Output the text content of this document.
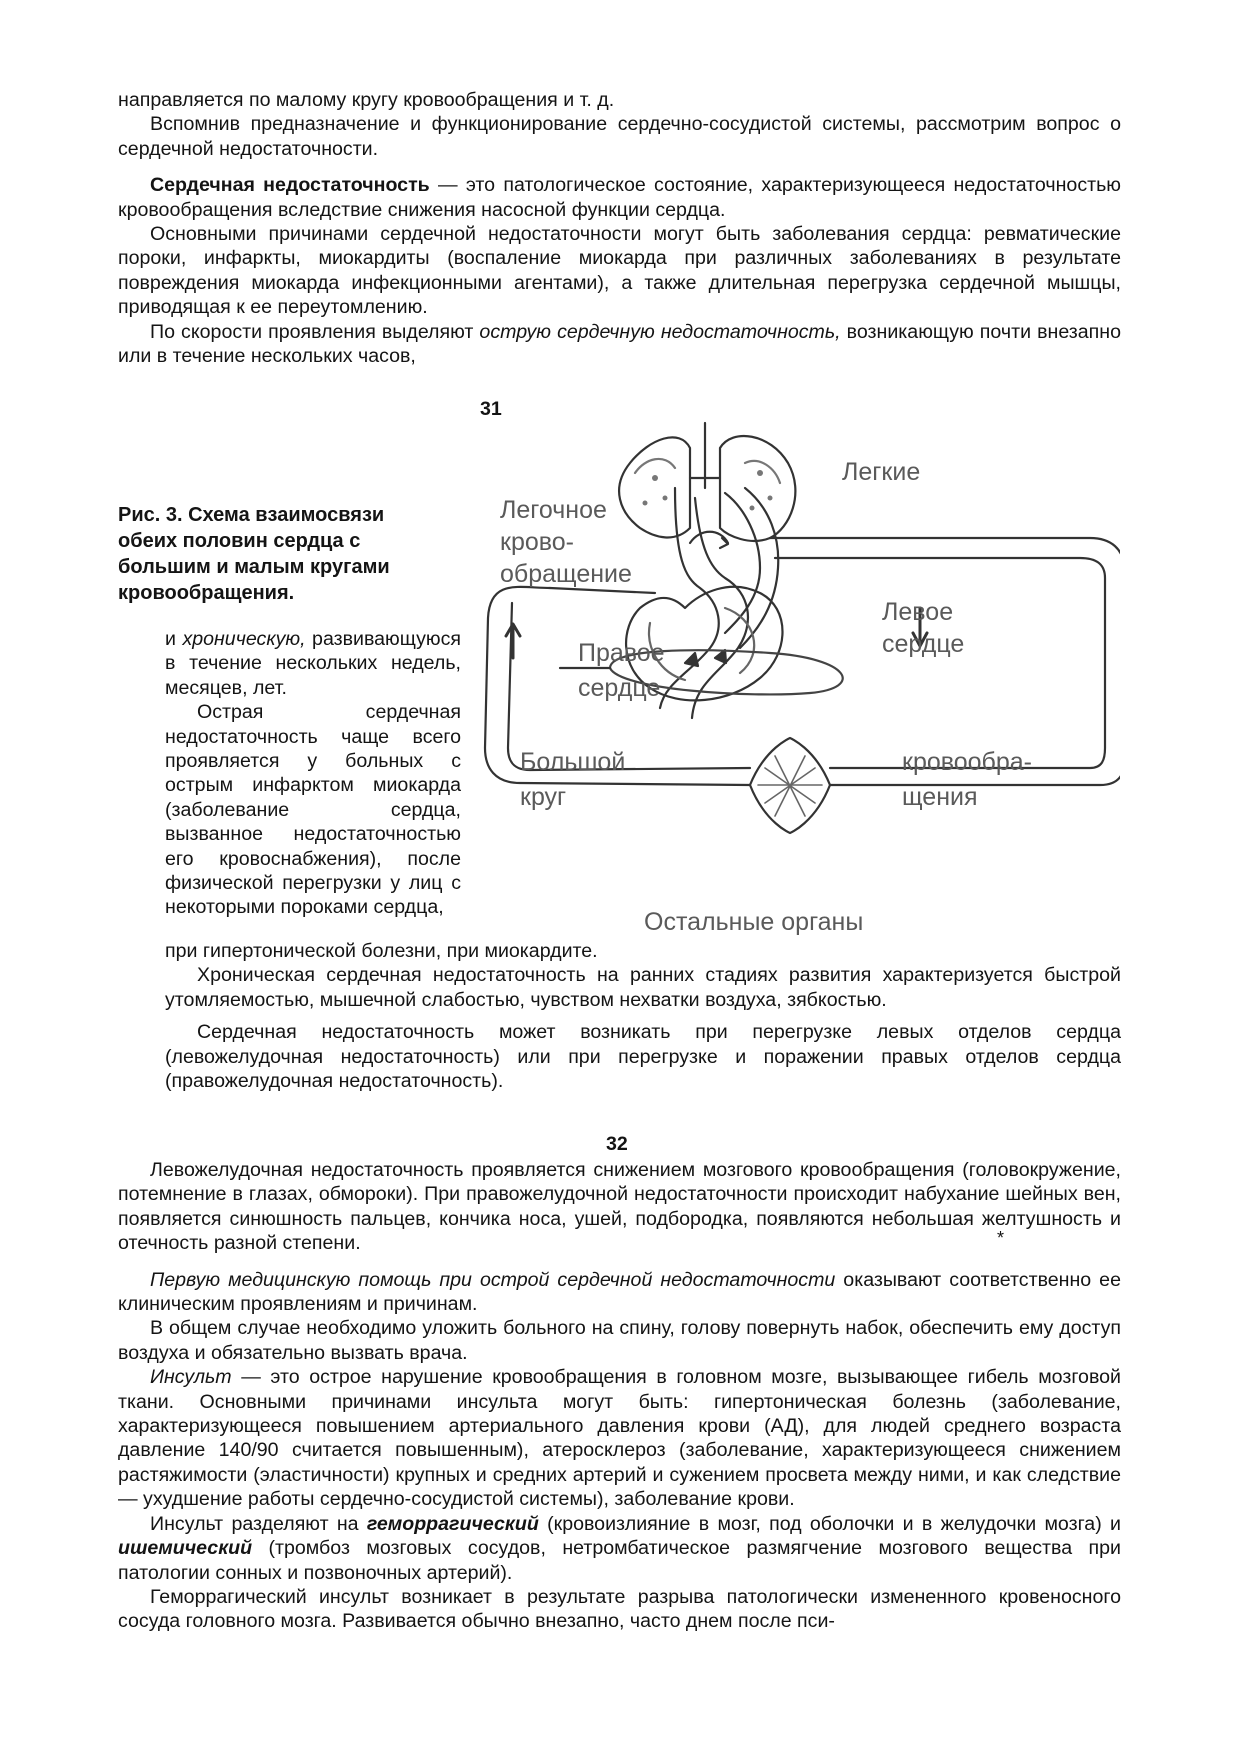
направляется по малому кругу кровообращения и т. д.

Вспомнив предназначение и функционирование сердечно-сосудистой системы, рассмотрим вопрос о сердечной недостаточности.

Сердечная недостаточность — это патологическое состояние, характеризующееся недостаточностью кровообращения вследствие снижения насосной функции сердца.

Основными причинами сердечной недостаточности могут быть заболевания сердца: ревматические пороки, инфаркты, миокардиты (воспаление миокарда при различных заболеваниях в результате повреждения миокарда инфекционными агентами), а также длительная перегрузка сердечной мышцы, приводящая к ее переутомлению.

По скорости проявления выделяют острую сердечную недостаточность, возникающую почти внезапно или в течение нескольких часов,

31
Рис. 3. Схема взаимосвязи обеих половин сердца с большим и малым кругами кровообращения.

и хроническую, развивающуюся в течение нескольких недель, месяцев, лет.

Острая сердечная недостаточность чаще всего проявляется у больных с острым инфарктом миокарда (заболевание сердца, вызванное недостаточностью его кровоснабжения), после физической перегрузки у лиц с некоторыми пороками сердца,

Легкие
Легочное
крово-
обращение
Левое
сердце
Правое
сердце
Большой
круг
кровообра-
щения
Остальные органы

при гипертонической болезни, при миокардите.

Хроническая сердечная недостаточность на ранних стадиях развития характеризуется быстрой утомляемостью, мышечной слабостью, чувством нехватки воздуха, зябкостью.

Сердечная недостаточность может возникать при перегрузке левых отделов сердца (левожелудочная недостаточность) или при перегрузке и поражении правых отделов сердца (правожелудочная недостаточность).

32

Левожелудочная недостаточность проявляется снижением мозгового кровообращения (головокружение, потемнение в глазах, обмороки). При правожелудочной недостаточности происходит набухание шейных вен, появляется синюшность пальцев, кончика носа, ушей, подбородка, появляются небольшая желтушность и отечность разной степени.

Первую медицинскую помощь при острой сердечной недостаточности оказывают соответственно ее клиническим проявлениям и причинам.

В общем случае необходимо уложить больного на спину, голову повернуть набок, обеспечить ему доступ воздуха и обязательно вызвать врача.

Инсульт — это острое нарушение кровообращения в головном мозге, вызывающее гибель мозговой ткани. Основными причинами инсульта могут быть: гипертоническая болезнь (заболевание, характеризующееся повышением артериального давления крови (АД), для людей среднего возраста давление 140/90 считается повышенным), атеросклероз (заболевание, характеризующееся снижением растяжимости (эластичности) крупных и средних артерий и сужением просвета между ними, и как следствие — ухудшение работы сердечно-сосудистой системы), заболевание крови.

Инсульт разделяют на геморрагический (кровоизлияние в мозг, под оболочки и в желудочки мозга) и ишемический (тромбоз мозговых сосудов, нетромбатическое размягчение мозгового вещества при патологии сонных и позвоночных артерий).

Геморрагический инсульт возникает в результате разрыва патологически измененного кровеносного сосуда головного мозга. Развивается обычно внезапно, часто днем после пси-

*
